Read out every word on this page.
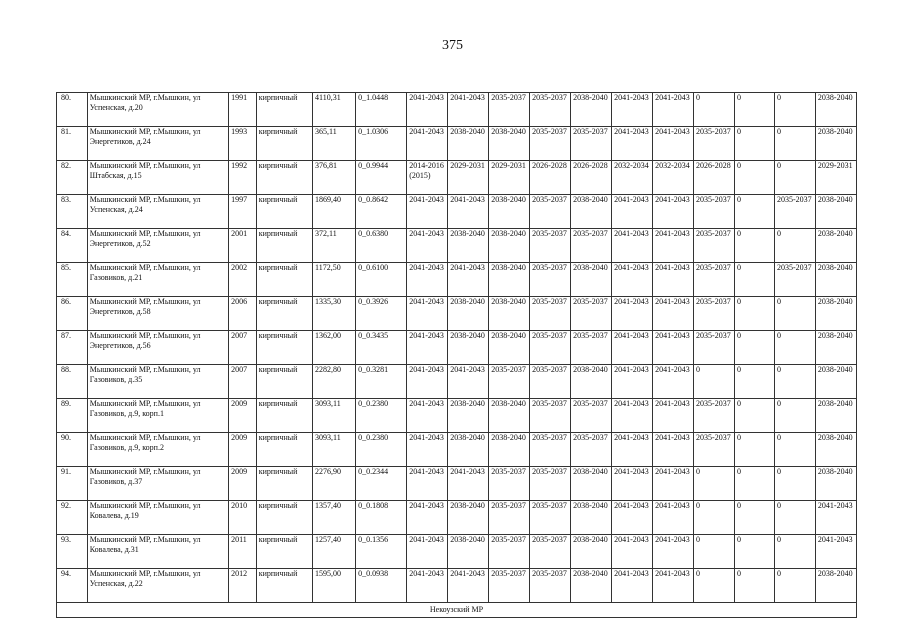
375
80.	Мышкинский МР, г.Мышкин, ул Успенская, д.20	1991	кирпичный	4110,31	0_1.0448	2041-2043	2041-2043	2035-2037	2035-2037	2038-2040	2041-2043	2041-2043	0	0	0	2038-2040
81.	Мышкинский МР, г.Мышкин, ул Энергетиков, д.24	1993	кирпичный	365,11	0_1.0306	2041-2043	2038-2040	2038-2040	2035-2037	2035-2037	2041-2043	2041-2043	2035-2037	0	0	2038-2040
82.	Мышкинский МР, г.Мышкин, ул Штабская, д.15	1992	кирпичный	376,81	0_0.9944	2014-2016 (2015)	2029-2031	2029-2031	2026-2028	2026-2028	2032-2034	2032-2034	2026-2028	0	0	2029-2031
83.	Мышкинский МР, г.Мышкин, ул Успенская, д.24	1997	кирпичный	1869,40	0_0.8642	2041-2043	2041-2043	2038-2040	2035-2037	2038-2040	2041-2043	2041-2043	2035-2037	0	2035-2037	2038-2040
84.	Мышкинский МР, г.Мышкин, ул Энергетиков, д.52	2001	кирпичный	372,11	0_0.6380	2041-2043	2038-2040	2038-2040	2035-2037	2035-2037	2041-2043	2041-2043	2035-2037	0	0	2038-2040
85.	Мышкинский МР, г.Мышкин, ул Газовиков, д.21	2002	кирпичный	1172,50	0_0.6100	2041-2043	2041-2043	2038-2040	2035-2037	2038-2040	2041-2043	2041-2043	2035-2037	0	2035-2037	2038-2040
86.	Мышкинский МР, г.Мышкин, ул Энергетиков, д.58	2006	кирпичный	1335,30	0_0.3926	2041-2043	2038-2040	2038-2040	2035-2037	2035-2037	2041-2043	2041-2043	2035-2037	0	0	2038-2040
87.	Мышкинский МР, г.Мышкин, ул Энергетиков, д.56	2007	кирпичный	1362,00	0_0.3435	2041-2043	2038-2040	2038-2040	2035-2037	2035-2037	2041-2043	2041-2043	2035-2037	0	0	2038-2040
88.	Мышкинский МР, г.Мышкин, ул Газовиков, д.35	2007	кирпичный	2282,80	0_0.3281	2041-2043	2041-2043	2035-2037	2035-2037	2038-2040	2041-2043	2041-2043	0	0	0	2038-2040
89.	Мышкинский МР, г.Мышкин, ул Газовиков, д.9, корп.1	2009	кирпичный	3093,11	0_0.2380	2041-2043	2038-2040	2038-2040	2035-2037	2035-2037	2041-2043	2041-2043	2035-2037	0	0	2038-2040
90.	Мышкинский МР, г.Мышкин, ул Газовиков, д.9, корп.2	2009	кирпичный	3093,11	0_0.2380	2041-2043	2038-2040	2038-2040	2035-2037	2035-2037	2041-2043	2041-2043	2035-2037	0	0	2038-2040
91.	Мышкинский МР, г.Мышкин, ул Газовиков, д.37	2009	кирпичный	2276,90	0_0.2344	2041-2043	2041-2043	2035-2037	2035-2037	2038-2040	2041-2043	2041-2043	0	0	0	2038-2040
92.	Мышкинский МР, г.Мышкин, ул Ковалева, д.19	2010	кирпичный	1357,40	0_0.1808	2041-2043	2038-2040	2035-2037	2035-2037	2038-2040	2041-2043	2041-2043	0	0	0	2041-2043
93.	Мышкинский МР, г.Мышкин, ул Ковалева, д.31	2011	кирпичный	1257,40	0_0.1356	2041-2043	2038-2040	2035-2037	2035-2037	2038-2040	2041-2043	2041-2043	0	0	0	2041-2043
94.	Мышкинский МР, г.Мышкин, ул Успенская, д.22	2012	кирпичный	1595,00	0_0.0938	2041-2043	2041-2043	2035-2037	2035-2037	2038-2040	2041-2043	2041-2043	0	0	0	2038-2040
Некоузский МР																
